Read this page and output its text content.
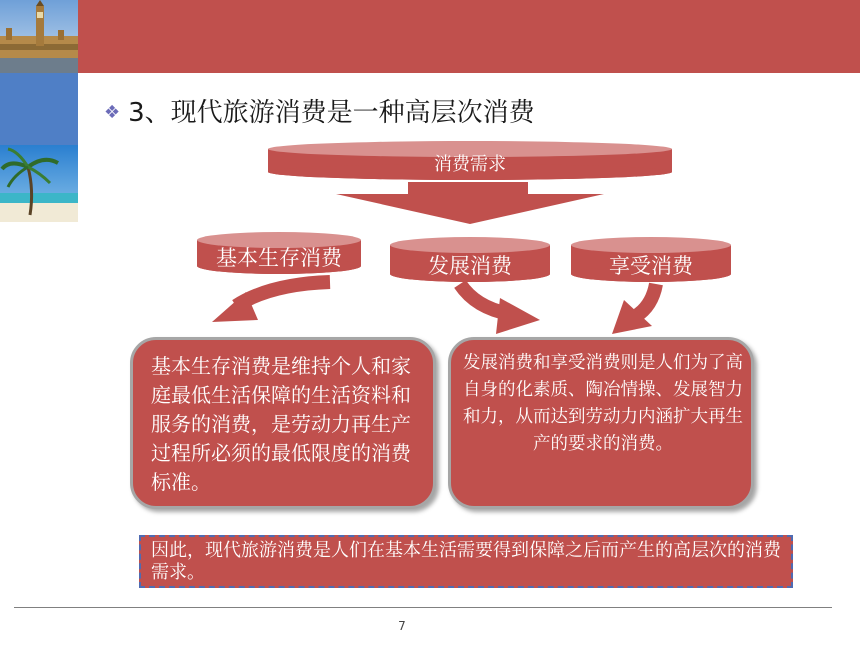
❖ 3、现代旅游消费是一种高层次消费
消费需求
基本生存消费	发展消费	享受消费
基本生存消费是维持个人和家庭最低生活保障的生活资料和服务的消费，是劳动力再生产过程所必须的最低限度的消费标准。
发展消费和享受消费则是人们为了高自身的化素质、陶冶情操、发展智力和力，从而达到劳动力内涵扩大再生产的要求的消费。
因此，现代旅游消费是人们在基本生活需要得到保障之后而产生的高层次的消费需求。
7
